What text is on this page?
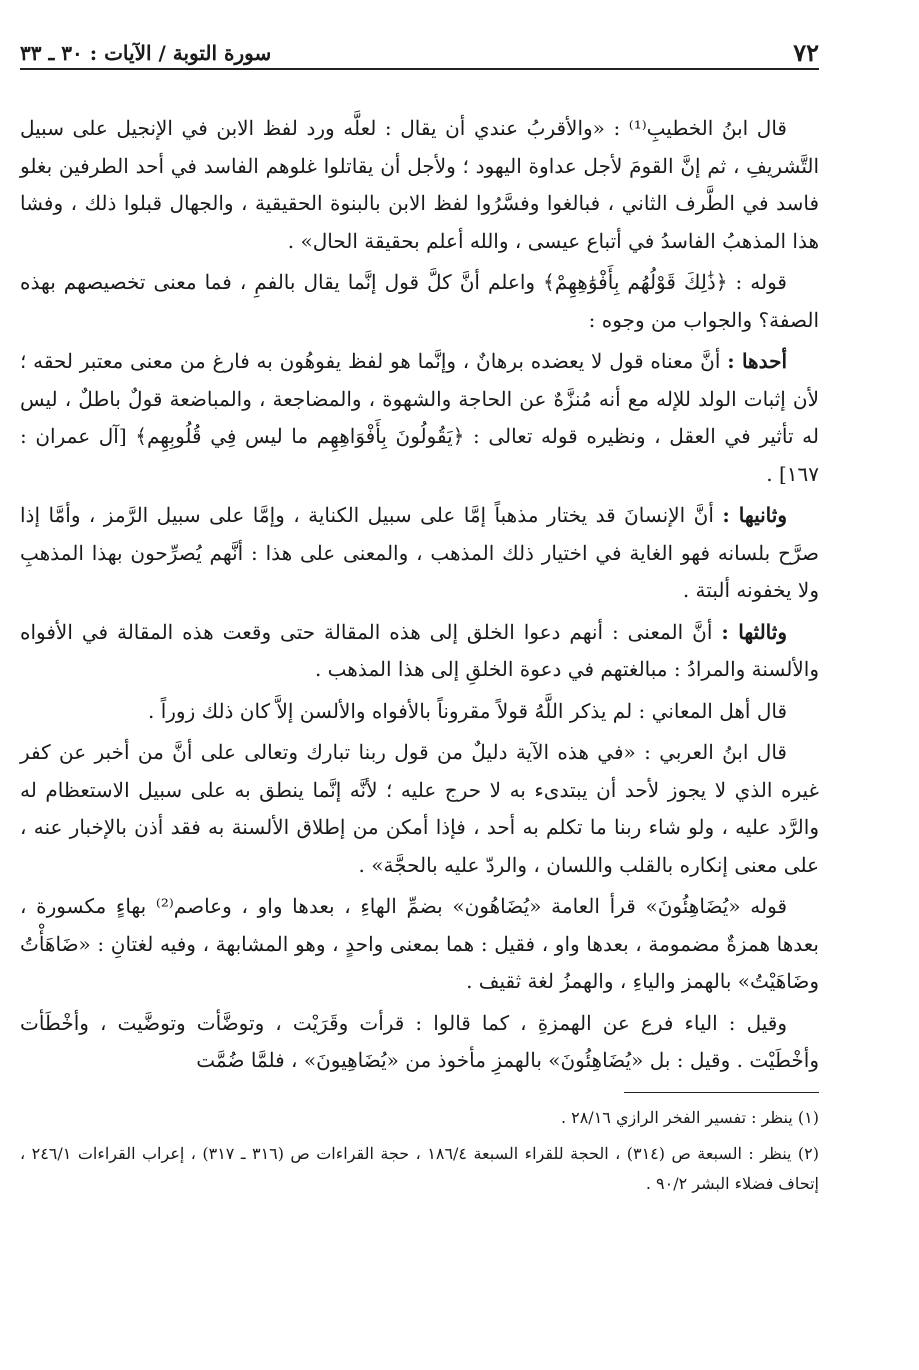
٧٢
سورة التوبة / الآيات : ٣٠ ـ ٣٣

قال ابنُ الخطيبِ⁽¹⁾ : «والأقربُ عندي أن يقال : لعلَّه ورد لفظ الابن في الإنجيل على سبيل التَّشريفِ ، ثم إنَّ القومَ لأجل عداوة اليهود ؛ ولأجل أن يقاتلوا غلوهم الفاسد في أحد الطرفين بغلو فاسد في الطَّرف الثاني ، فبالغوا وفسَّرُوا لفظ الابن بالبنوة الحقيقية ، والجهال قبلوا ذلك ، وفشا هذا المذهبُ الفاسدُ في أتباع عيسى ، والله أعلم بحقيقة الحال» .

قوله : ﴿ذَٰلِكَ قَوْلُهُم بِأَفْوَٰهِهِمْ﴾ واعلم أنَّ كلَّ قول إنَّما يقال بالفمِ ، فما معنى تخصيصهم بهذه الصفة؟ والجواب من وجوه :

أحدها : أنَّ معناه قول لا يعضده برهانٌ ، وإنَّما هو لفظ يفوهُون به فارغ من معنى معتبر لحقه ؛ لأن إثبات الولد للإله مع أنه مُنزَّهٌ عن الحاجة والشهوة ، والمضاجعة ، والمباضعة قولٌ باطلٌ ، ليس له تأثير في العقل ، ونظيره قوله تعالى : ﴿يَقُولُونَ بِأَفْوَاهِهِم ما ليس فِي قُلُوبِهِم﴾ [آل عمران : ١٦٧] .

وثانيها : أنَّ الإنسانَ قد يختار مذهباً إمَّا على سبيل الكناية ، وإمَّا على سبيل الرَّمز ، وأمَّا إذا صرَّح بلسانه فهو الغاية في اختيار ذلك المذهب ، والمعنى على هذا : أنَّهم يُصرِّحون بهذا المذهبِ ولا يخفونه ألبتة .

وثالثها : أنَّ المعنى : أنهم دعوا الخلق إلى هذه المقالة حتى وقعت هذه المقالة في الأفواه والألسنة والمرادُ : مبالغتهم في دعوة الخلقِ إلى هذا المذهب .

قال أهل المعاني : لم يذكر اللَّهُ قولاً مقروناً بالأفواه والألسن إلاَّ كان ذلك زوراً .

قال ابنُ العربي : «في هذه الآية دليلٌ من قول ربنا تبارك وتعالى على أنَّ من أخبر عن كفر غيره الذي لا يجوز لأحد أن يبتدىء به لا حرج عليه ؛ لأنَّه إنَّما ينطق به على سبيل الاستعظام له والرَّد عليه ، ولو شاء ربنا ما تكلم به أحد ، فإذا أمكن من إطلاق الألسنة به فقد أذن بالإخبار عنه ، على معنى إنكاره بالقلب واللسان ، والردّ عليه بالحجَّة» .

قوله «يُضَاهِئُونَ» قرأ العامة «يُضَاهُون» بضمِّ الهاءِ ، بعدها واو ، وعاصم⁽²⁾ بهاءٍ مكسورة ، بعدها همزةٌ مضمومة ، بعدها واو ، فقيل : هما بمعنى واحدٍ ، وهو المشابهة ، وفيه لغتانِ : «ضَاهَأْتُ وضَاهَيْتُ» بالهمز والياءِ ، والهمزُ لغة ثقيف .

وقيل : الياء فرع عن الهمزةِ ، كما قالوا : قرأت وقَرَيْت ، وتوضَّأت وتوضَّيت ، وأخْطَأت وأخْطَيْت . وقيل : بل «يُضَاهِئُونَ» بالهمزِ مأخوذ من «يُضَاهِيونَ» ، فلمَّا ضُمَّت

(١) ينظر : تفسير الفخر الرازي ٢٨/١٦ .

(٢) ينظر : السبعة ص (٣١٤) ، الحجة للقراء السبعة ١٨٦/٤ ، حجة القراءات ص (٣١٦ ـ ٣١٧) ، إعراب القراءات ٢٤٦/١ ، إتحاف فضلاء البشر ٩٠/٢ .
